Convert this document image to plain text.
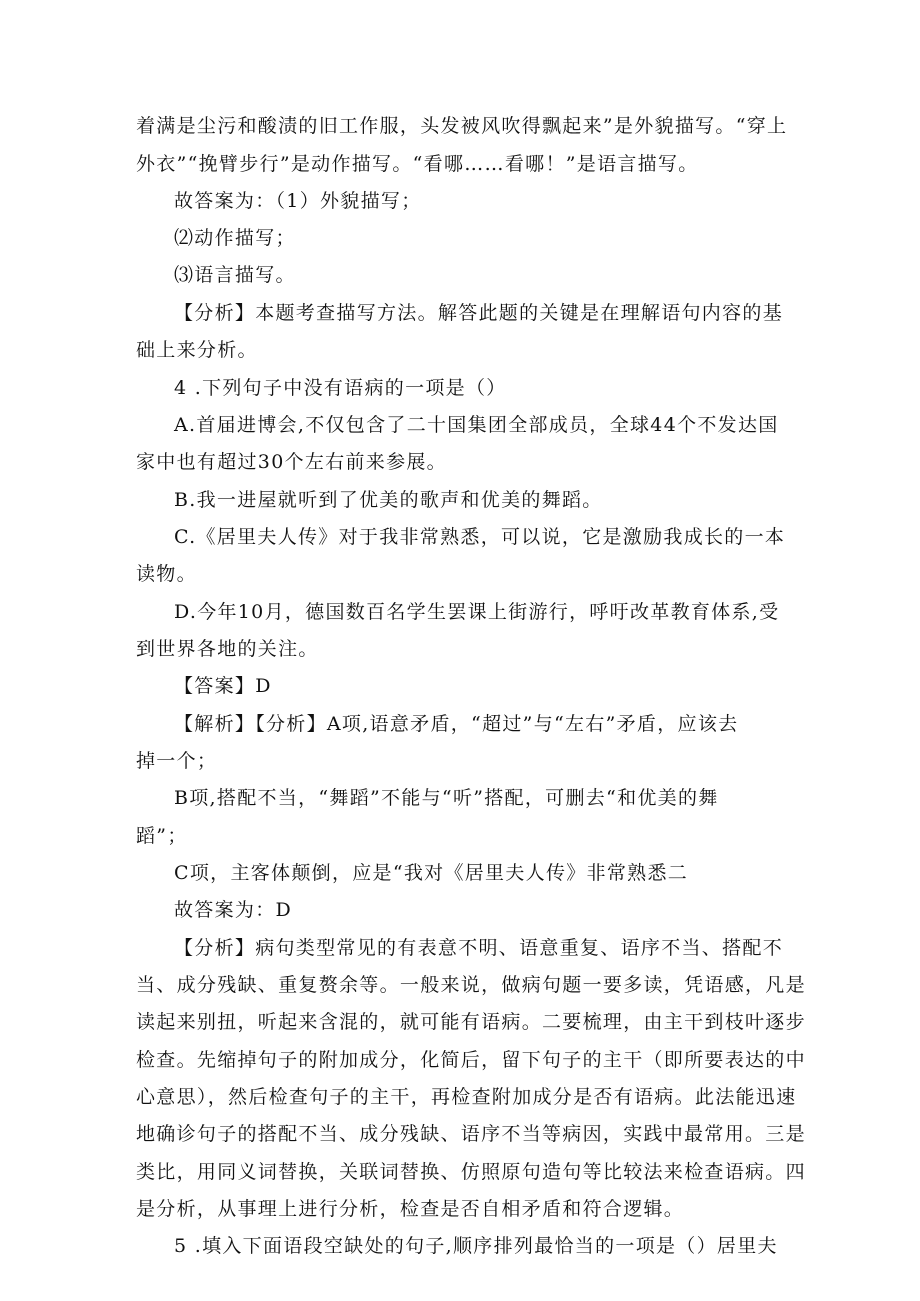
着满是尘污和酸渍的旧工作服，头发被风吹得飘起来”是外貌描写。“穿上
外衣”“挽臂步行”是动作描写。“看哪……看哪！”是语言描写。
故答案为：（1）外貌描写；
⑵动作描写；
⑶语言描写。
【分析】本题考查描写方法。解答此题的关键是在理解语句内容的基
础上来分析。
4 .下列句子中没有语病的一项是（）
A.首届进博会,不仅包含了二十国集团全部成员，全球44个不发达国
家中也有超过30个左右前来参展。
B.我一进屋就听到了优美的歌声和优美的舞蹈。
C.《居里夫人传》对于我非常熟悉，可以说，它是激励我成长的一本
读物。
D.今年10月，德国数百名学生罢课上街游行，呼吁改革教育体系,受
到世界各地的关注。
【答案】D
【解析】【分析】A项,语意矛盾，“超过”与“左右”矛盾，应该去
掉一个；
B项,搭配不当，“舞蹈”不能与“听”搭配，可删去“和优美的舞
蹈”；
C项，主客体颠倒，应是“我对《居里夫人传》非常熟悉二
故答案为：D
【分析】病句类型常见的有表意不明、语意重复、语序不当、搭配不
当、成分残缺、重复赘余等。一般来说，做病句题一要多读，凭语感，凡是
读起来别扭，听起来含混的，就可能有语病。二要梳理，由主干到枝叶逐步
检查。先缩掉句子的附加成分，化简后，留下句子的主干（即所要表达的中
心意思），然后检查句子的主干，再检查附加成分是否有语病。此法能迅速
地确诊句子的搭配不当、成分残缺、语序不当等病因，实践中最常用。三是
类比，用同义词替换，关联词替换、仿照原句造句等比较法来检查语病。四
是分析，从事理上进行分析，检查是否自相矛盾和符合逻辑。
5 .填入下面语段空缺处的句子,顺序排列最恰当的一项是（）居里夫
